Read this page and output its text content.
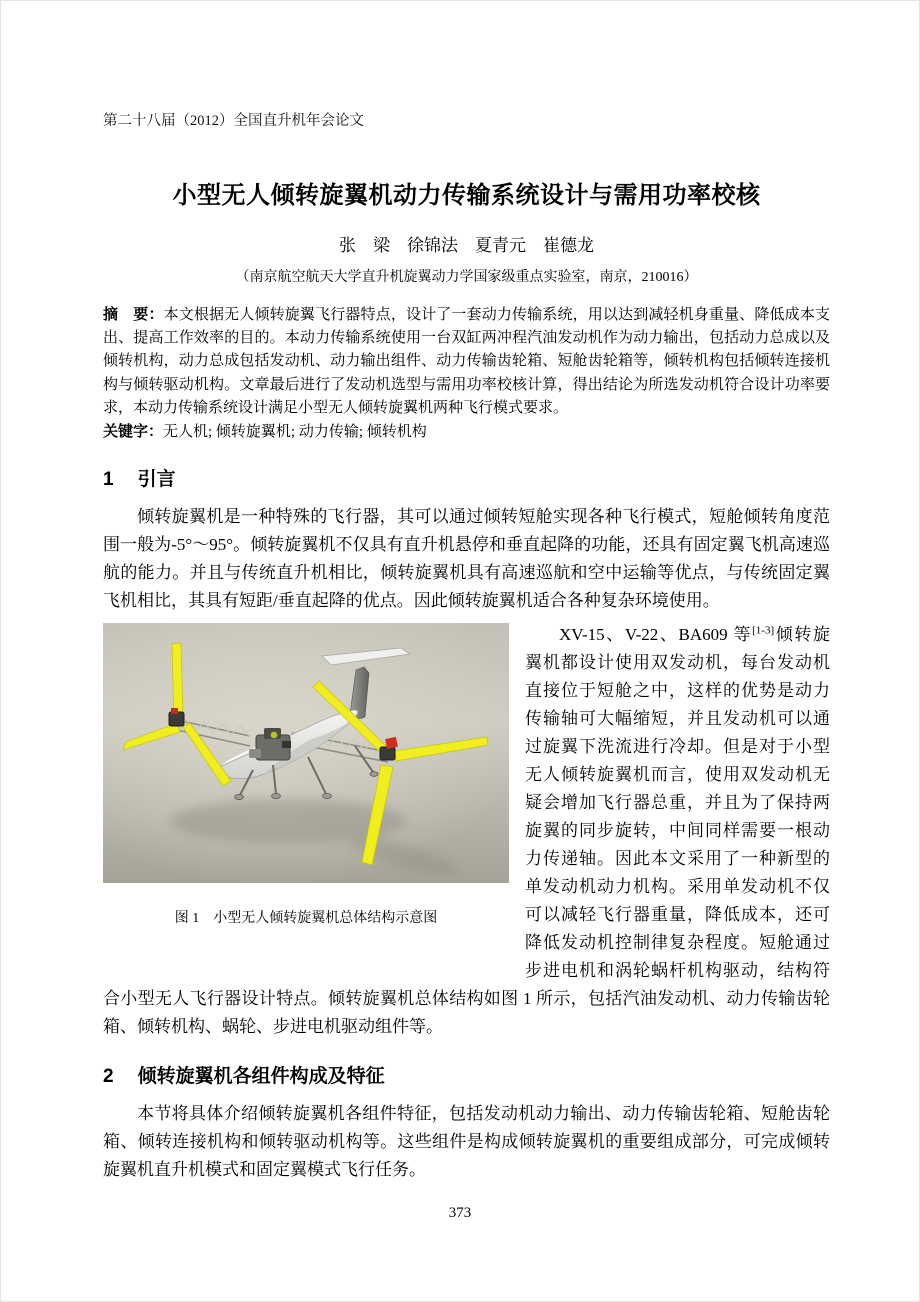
第二十八届（2012）全国直升机年会论文
小型无人倾转旋翼机动力传输系统设计与需用功率校核
张　梁　徐锦法　夏青元　崔德龙
（南京航空航天大学直升机旋翼动力学国家级重点实验室，南京，210016）

摘　要：本文根据无人倾转旋翼飞行器特点，设计了一套动力传输系统，用以达到减轻机身重量、降低成本支出、提高工作效率的目的。本动力传输系统使用一台双缸两冲程汽油发动机作为动力输出，包括动力总成以及倾转机构，动力总成包括发动机、动力输出组件、动力传输齿轮箱、短舱齿轮箱等，倾转机构包括倾转连接机构与倾转驱动机构。文章最后进行了发动机选型与需用功率校核计算，得出结论为所选发动机符合设计功率要求，本动力传输系统设计满足小型无人倾转旋翼机两种飞行模式要求。

关键字：无人机; 倾转旋翼机; 动力传输; 倾转机构

1 引言

倾转旋翼机是一种特殊的飞行器，其可以通过倾转短舱实现各种飞行模式，短舱倾转角度范围一般为-5°～95°。倾转旋翼机不仅具有直升机悬停和垂直起降的功能，还具有固定翼飞机高速巡航的能力。并且与传统直升机相比，倾转旋翼机具有高速巡航和空中运输等优点，与传统固定翼飞机相比，其具有短距/垂直起降的优点。因此倾转旋翼机适合各种复杂环境使用。

图 1　小型无人倾转旋翼机总体结构示意图

XV-15、V-22、BA609 等[1-3]倾转旋翼机都设计使用双发动机，每台发动机直接位于短舱之中，这样的优势是动力传输轴可大幅缩短，并且发动机可以通过旋翼下洗流进行冷却。但是对于小型无人倾转旋翼机而言，使用双发动机无疑会增加飞行器总重，并且为了保持两旋翼的同步旋转，中间同样需要一根动力传递轴。因此本文采用了一种新型的单发动机动力机构。采用单发动机不仅可以减轻飞行器重量，降低成本，还可降低发动机控制律复杂程度。短舱通过步进电机和涡轮蜗杆机构驱动，结构符合小型无人飞行器设计特点。倾转旋翼机总体结构如图 1 所示，包括汽油发动机、动力传输齿轮箱、倾转机构、蜗轮、步进电机驱动组件等。

2 倾转旋翼机各组件构成及特征

本节将具体介绍倾转旋翼机各组件特征，包括发动机动力输出、动力传输齿轮箱、短舱齿轮箱、倾转连接机构和倾转驱动机构等。这些组件是构成倾转旋翼机的重要组成部分，可完成倾转旋翼机直升机模式和固定翼模式飞行任务。

373
